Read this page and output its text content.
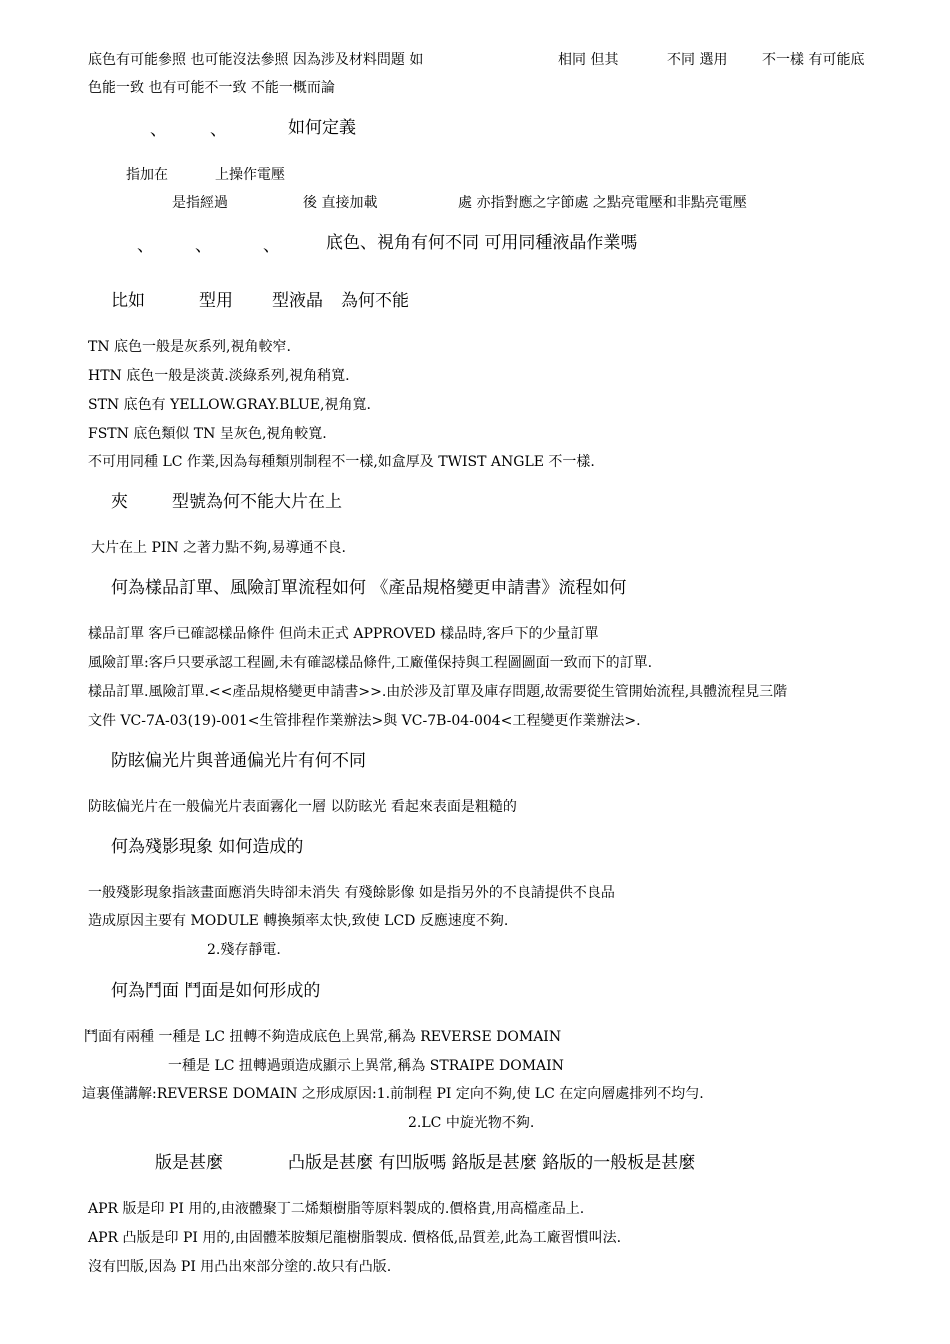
底色有可能參照 也可能沒法參照 因為涉及材料問題 如	相同 但其	不同 選用 不一樣 有可能底
色能一致 也有可能不一致 不能一概而論
、	、	如何定義
指加在	上操作電壓
是指經過	後 直接加載	處 亦指對應之字節處 之點亮電壓和非點亮電壓
、 、	、	底色、視角有何不同 可用同種液晶作業嗎
比如	型用 型液晶 為何不能
TN 底色一般是灰系列,視角較窄.
HTN 底色一般是淡黃.淡綠系列,視角稍寬.
STN 底色有 YELLOW.GRAY.BLUE,視角寬.
FSTN 底色類似 TN 呈灰色,視角較寬.
不可用同種 LC 作業,因為每種類別制程不一樣,如盒厚及 TWIST ANGLE 不一樣.
夾	型號為何不能大片在上
大片在上 PIN 之著力點不夠,易導通不良.
何為樣品訂單、風險訂單流程如何 《產品規格變更申請書》流程如何
樣品訂單 客戶已確認樣品條件 但尚未正式 APPROVED 樣品時,客戶下的少量訂單
風險訂單:客戶只要承認工程圖,未有確認樣品條件,工廠僅保持與工程圖圖面一致而下的訂單.
樣品訂單.風險訂單.<<產品規格變更申請書>>.由於涉及訂單及庫存問題,故需要從生管開始流程,具體流程見三階
文件 VC-7A-03(19)-001<生管排程作業辦法>與 VC-7B-04-004<工程變更作業辦法>.
防眩偏光片與普通偏光片有何不同
防眩偏光片在一般偏光片表面霧化一層 以防眩光 看起來表面是粗糙的
何為殘影現象 如何造成的
一般殘影現象指該畫面應消失時卻未消失 有殘餘影像 如是指另外的不良請提供不良品
造成原因主要有 MODULE 轉換頻率太快,致使 LCD 反應速度不夠.
2.殘存靜電.
何為鬥面 鬥面是如何形成的
鬥面有兩種 一種是 LC 扭轉不夠造成底色上異常,稱為 REVERSE DOMAIN
一種是 LC 扭轉過頭造成顯示上異常,稱為 STRAIPE DOMAIN
這裏僅講解:REVERSE DOMAIN 之形成原因:1.前制程 PI 定向不夠,使 LC 在定向層處排列不均勻.
2.LC 中旋光物不夠.
版是甚麼	凸版是甚麼 有凹版嗎 鉻版是甚麼 鉻版的一般板是甚麼
APR 版是印 PI 用的,由液體聚丁二烯類樹脂等原料製成的.價格貴,用高檔產品上.
APR 凸版是印 PI 用的,由固體苯胺類尼龍樹脂製成. 價格低,品質差,此為工廠習慣叫法.
沒有凹版,因為 PI 用凸出來部分塗的.故只有凸版.
